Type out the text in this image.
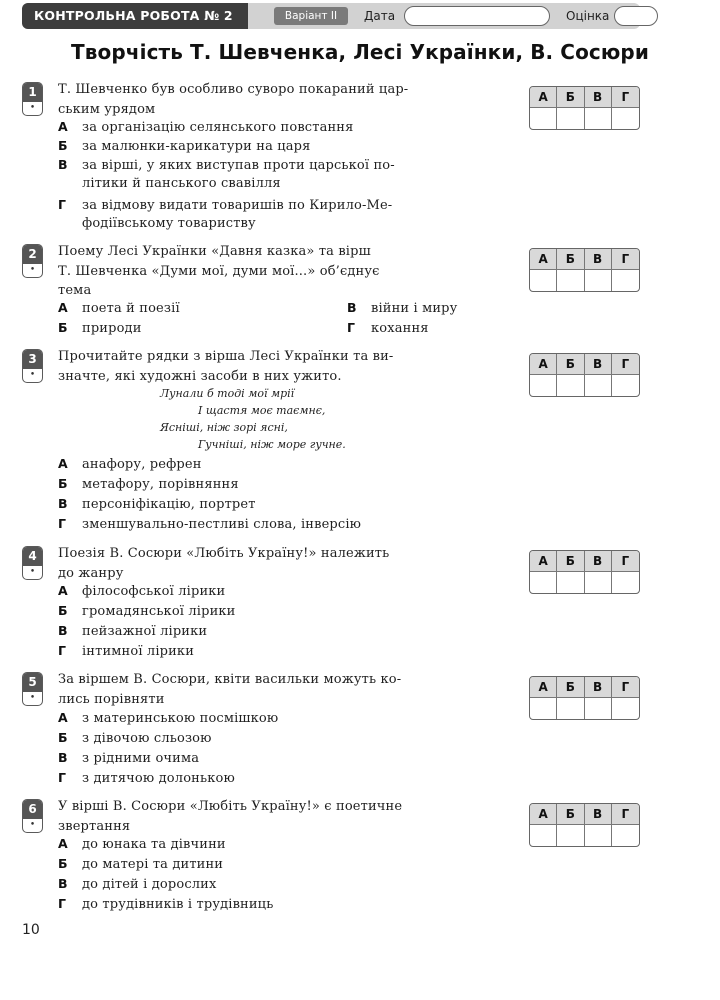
КОНТРОЛЬНА РОБОТА № 2	Варіант ІІ	Дата	Оцінка
Творчість Т. Шевченка, Лесі Українки, В. Сосюри
1
•
Т. Шевченко був особливо суворо покараний цар-
ським урядом
А за організацію селянського повстання
Б за малюнки-карикатури на царя
В за вірші, у яких виступав проти царської по-
літики й панського свавілля
Г за відмову видати товаришів по Кирило-Ме-
фодіївському товариству
А	Б	В	Г
2
•
Поему Лесі Українки «Давня казка» та вірш
Т. Шевченка «Думи мої, думи мої...» об’єднує
тема
А поета й поезії
Б природи
В війни і миру
Г кохання
А	Б	В	Г
3
•
Прочитайте рядки з вірша Лесі Українки та ви-
значте, які художні засоби в них ужито.
Лунали б тоді мої мрії
І щастя моє таємнє,
Ясніші, ніж зорі ясні,
Гучніші, ніж море гучне.
А анафору, рефрен
Б метафору, порівняння
В персоніфікацію, портрет
Г зменшувально-пестливі слова, інверсію
А	Б	В	Г
4
•
Поезія В. Сосюри «Любіть Україну!» належить
до жанру
А філософської лірики
Б громадянської лірики
В пейзажної лірики
Г інтимної лірики
А	Б	В	Г
5
•
За віршем В. Сосюри, квіти васильки можуть ко-
лись порівняти
А з материнською посмішкою
Б з дівочою сльозою
В з рідними очима
Г з дитячою долонькою
А	Б	В	Г
6
•
У вірші В. Сосюри «Любіть Україну!» є поетичне
звертання
А до юнака та дівчини
Б до матері та дитини
В до дітей і дорослих
Г до трудівників і трудівниць
А	Б	В	Г
10
